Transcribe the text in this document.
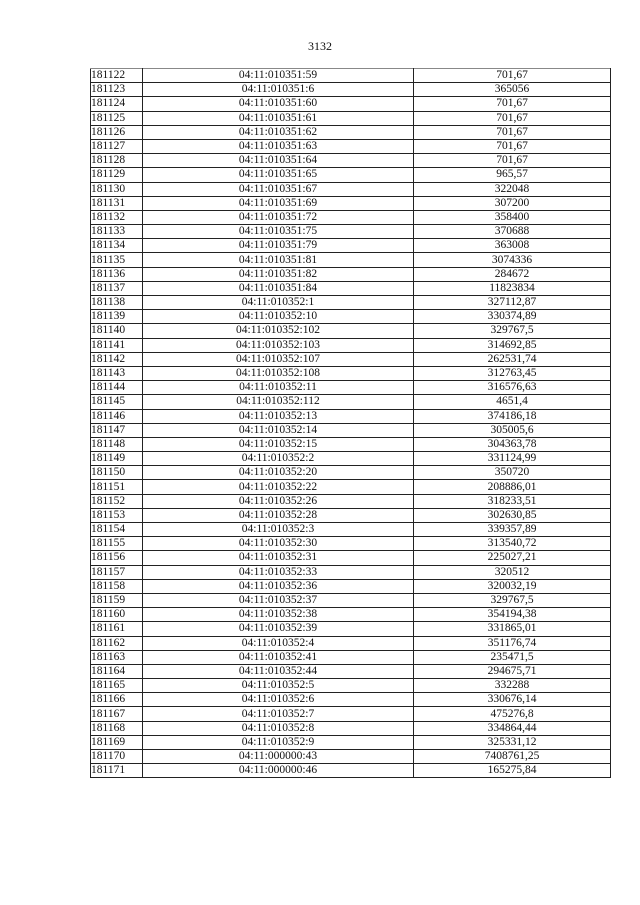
3132
181122	04:11:010351:59	701,67
181123	04:11:010351:6	365056
181124	04:11:010351:60	701,67
181125	04:11:010351:61	701,67
181126	04:11:010351:62	701,67
181127	04:11:010351:63	701,67
181128	04:11:010351:64	701,67
181129	04:11:010351:65	965,57
181130	04:11:010351:67	322048
181131	04:11:010351:69	307200
181132	04:11:010351:72	358400
181133	04:11:010351:75	370688
181134	04:11:010351:79	363008
181135	04:11:010351:81	3074336
181136	04:11:010351:82	284672
181137	04:11:010351:84	11823834
181138	04:11:010352:1	327112,87
181139	04:11:010352:10	330374,89
181140	04:11:010352:102	329767,5
181141	04:11:010352:103	314692,85
181142	04:11:010352:107	262531,74
181143	04:11:010352:108	312763,45
181144	04:11:010352:11	316576,63
181145	04:11:010352:112	4651,4
181146	04:11:010352:13	374186,18
181147	04:11:010352:14	305005,6
181148	04:11:010352:15	304363,78
181149	04:11:010352:2	331124,99
181150	04:11:010352:20	350720
181151	04:11:010352:22	208886,01
181152	04:11:010352:26	318233,51
181153	04:11:010352:28	302630,85
181154	04:11:010352:3	339357,89
181155	04:11:010352:30	313540,72
181156	04:11:010352:31	225027,21
181157	04:11:010352:33	320512
181158	04:11:010352:36	320032,19
181159	04:11:010352:37	329767,5
181160	04:11:010352:38	354194,38
181161	04:11:010352:39	331865,01
181162	04:11:010352:4	351176,74
181163	04:11:010352:41	235471,5
181164	04:11:010352:44	294675,71
181165	04:11:010352:5	332288
181166	04:11:010352:6	330676,14
181167	04:11:010352:7	475276,8
181168	04:11:010352:8	334864,44
181169	04:11:010352:9	325331,12
181170	04:11:000000:43	7408761,25
181171	04:11:000000:46	165275,84
